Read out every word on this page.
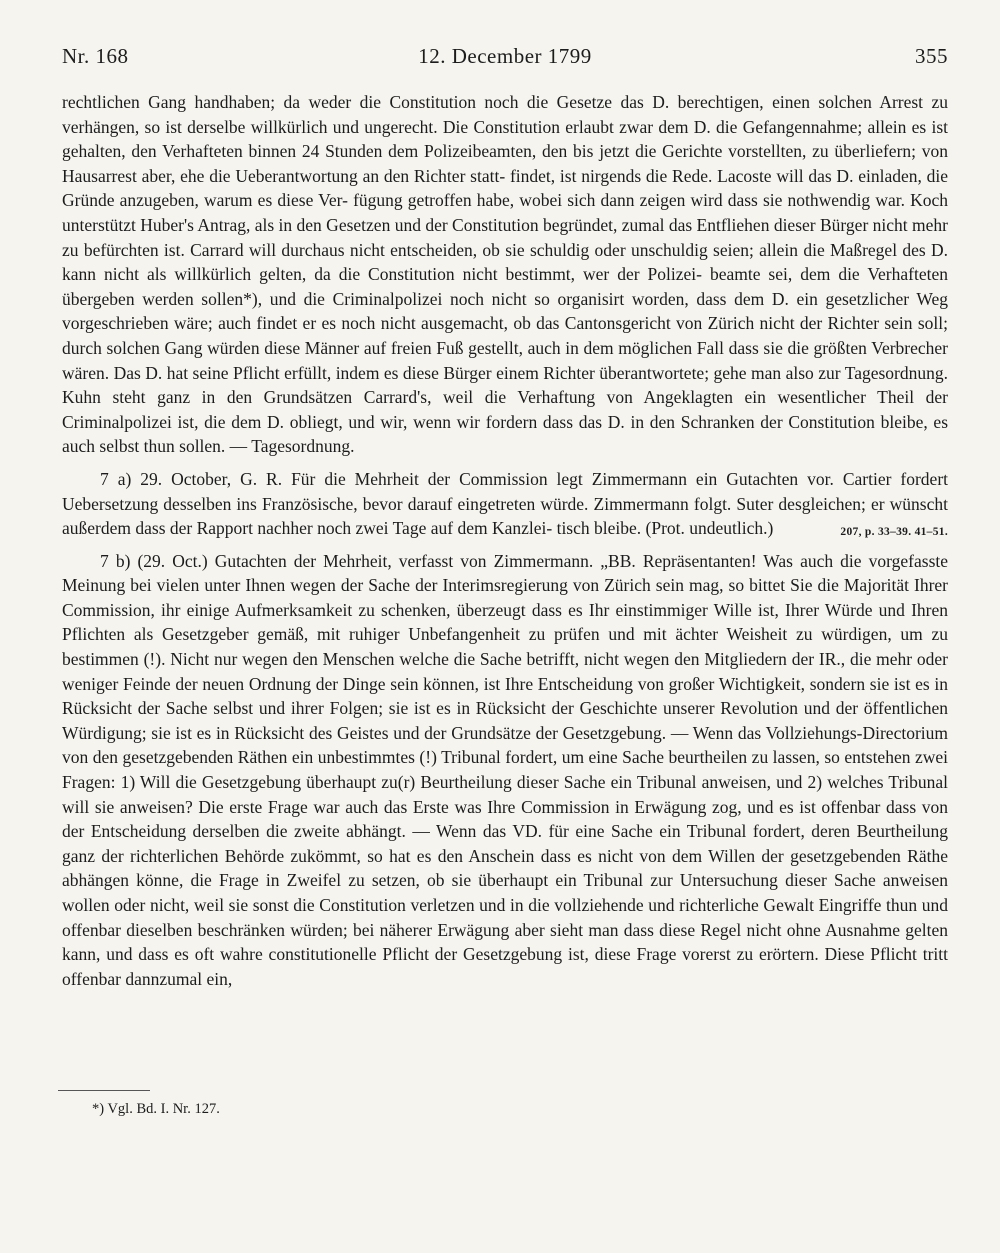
Nr. 168	12. December 1799	355

rechtlichen Gang handhaben; da weder die Constitution noch die Gesetze das D. berechtigen, einen solchen Arrest zu verhängen, so ist derselbe willkürlich und ungerecht. Die Constitution erlaubt zwar dem D. die Gefangennahme; allein es ist gehalten, den Verhafteten binnen 24 Stunden dem Polizeibeamten, den bis jetzt die Gerichte vorstellten, zu überliefern; von Hausarrest aber, ehe die Ueberantwortung an den Richter statt- findet, ist nirgends die Rede. Lacoste will das D. einladen, die Gründe anzugeben, warum es diese Ver- fügung getroffen habe, wobei sich dann zeigen wird dass sie nothwendig war. Koch unterstützt Huber's Antrag, als in den Gesetzen und der Constitution begründet, zumal das Entfliehen dieser Bürger nicht mehr zu befürchten ist. Carrard will durchaus nicht entscheiden, ob sie schuldig oder unschuldig seien; allein die Maßregel des D. kann nicht als willkürlich gelten, da die Constitution nicht bestimmt, wer der Polizei- beamte sei, dem die Verhafteten übergeben werden sollen*), und die Criminalpolizei noch nicht so organisirt worden, dass dem D. ein gesetzlicher Weg vorgeschrieben wäre; auch findet er es noch nicht ausgemacht, ob das Cantonsgericht von Zürich nicht der Richter sein soll; durch solchen Gang würden diese Männer auf freien Fuß gestellt, auch in dem möglichen Fall dass sie die größten Verbrecher wären. Das D. hat seine Pflicht erfüllt, indem es diese Bürger einem Richter überantwortete; gehe man also zur Tagesordnung. Kuhn steht ganz in den Grundsätzen Carrard's, weil die Verhaftung von Angeklagten ein wesentlicher Theil der Criminalpolizei ist, die dem D. obliegt, und wir, wenn wir fordern dass das D. in den Schranken der Constitution bleibe, es auch selbst thun sollen. — Tagesordnung.

7 a) 29. October, G. R. Für die Mehrheit der Commission legt Zimmermann ein Gutachten vor. Cartier fordert Uebersetzung desselben ins Französische, bevor darauf eingetreten würde. Zimmermann folgt. Suter desgleichen; er wünscht außerdem dass der Rapport nachher noch zwei Tage auf dem Kanzlei- tisch bleibe. (Prot. undeutlich.)	207, p. 33–39. 41–51.

7 b) (29. Oct.) Gutachten der Mehrheit, verfasst von Zimmermann. „BB. Repräsentanten! Was auch die vorgefasste Meinung bei vielen unter Ihnen wegen der Sache der Interimsregierung von Zürich sein mag, so bittet Sie die Majorität Ihrer Commission, ihr einige Aufmerksamkeit zu schenken, überzeugt dass es Ihr einstimmiger Wille ist, Ihrer Würde und Ihren Pflichten als Gesetzgeber gemäß, mit ruhiger Unbefangenheit zu prüfen und mit ächter Weisheit zu würdigen, um zu bestimmen (!). Nicht nur wegen den Menschen welche die Sache betrifft, nicht wegen den Mitgliedern der IR., die mehr oder weniger Feinde der neuen Ordnung der Dinge sein können, ist Ihre Entscheidung von großer Wichtigkeit, sondern sie ist es in Rücksicht der Sache selbst und ihrer Folgen; sie ist es in Rücksicht der Geschichte unserer Revolution und der öffentlichen Würdigung; sie ist es in Rücksicht des Geistes und der Grundsätze der Gesetzgebung. — Wenn das Vollziehungs-Directorium von den gesetzgebenden Räthen ein unbestimmtes (!) Tribunal fordert, um eine Sache beurtheilen zu lassen, so entstehen zwei Fragen: 1) Will die Gesetzgebung überhaupt zu(r) Beurtheilung dieser Sache ein Tribunal anweisen, und 2) welches Tribunal will sie anweisen? Die erste Frage war auch das Erste was Ihre Commission in Erwägung zog, und es ist offenbar dass von der Entscheidung derselben die zweite abhängt. — Wenn das VD. für eine Sache ein Tribunal fordert, deren Beurtheilung ganz der richterlichen Behörde zukömmt, so hat es den Anschein dass es nicht von dem Willen der gesetzgebenden Räthe abhängen könne, die Frage in Zweifel zu setzen, ob sie überhaupt ein Tribunal zur Untersuchung dieser Sache anweisen wollen oder nicht, weil sie sonst die Constitution verletzen und in die vollziehende und richterliche Gewalt Eingriffe thun und offenbar dieselben beschränken würden; bei näherer Erwägung aber sieht man dass diese Regel nicht ohne Ausnahme gelten kann, und dass es oft wahre constitutionelle Pflicht der Gesetzgebung ist, diese Frage vorerst zu erörtern. Diese Pflicht tritt offenbar dannzumal ein,

*) Vgl. Bd. I. Nr. 127.
